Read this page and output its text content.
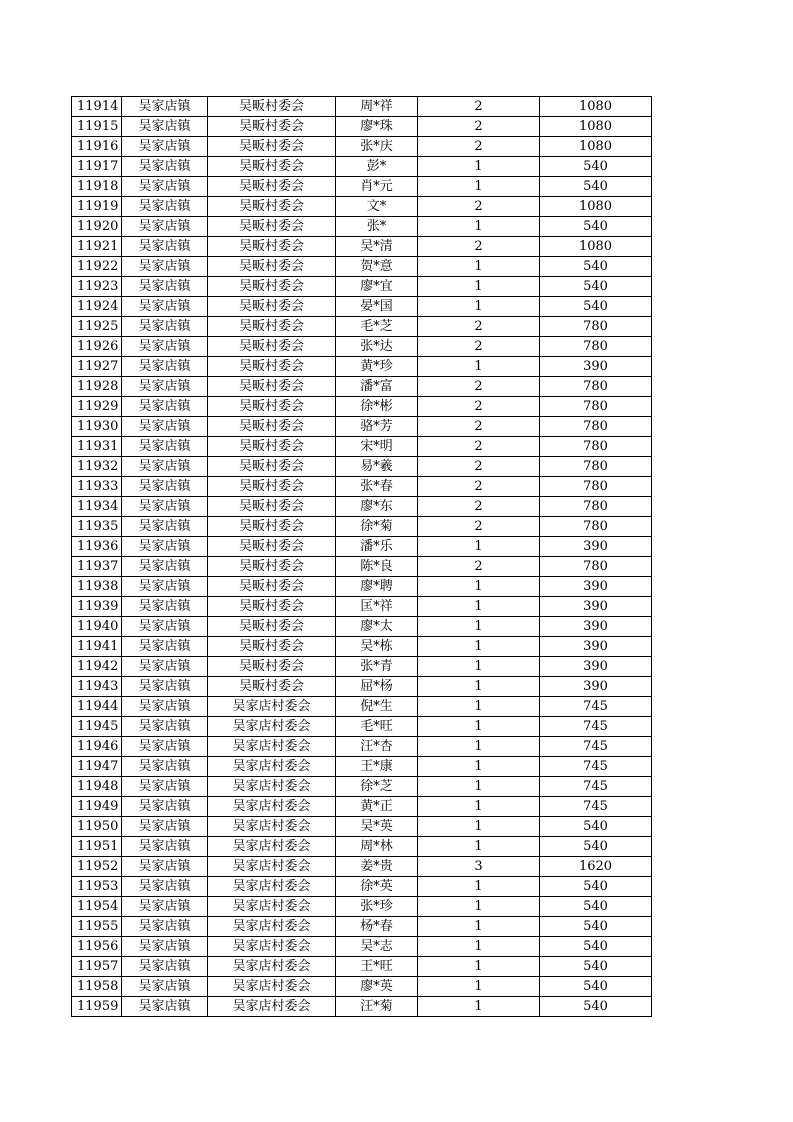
11914	吴家店镇	吴畈村委会	周*祥	2	1080
11915	吴家店镇	吴畈村委会	廖*珠	2	1080
11916	吴家店镇	吴畈村委会	张*庆	2	1080
11917	吴家店镇	吴畈村委会	彭*	1	540
11918	吴家店镇	吴畈村委会	肖*元	1	540
11919	吴家店镇	吴畈村委会	文*	2	1080
11920	吴家店镇	吴畈村委会	张*	1	540
11921	吴家店镇	吴畈村委会	吴*清	2	1080
11922	吴家店镇	吴畈村委会	贺*意	1	540
11923	吴家店镇	吴畈村委会	廖*宜	1	540
11924	吴家店镇	吴畈村委会	晏*国	1	540
11925	吴家店镇	吴畈村委会	毛*芝	2	780
11926	吴家店镇	吴畈村委会	张*达	2	780
11927	吴家店镇	吴畈村委会	黄*珍	1	390
11928	吴家店镇	吴畈村委会	潘*富	2	780
11929	吴家店镇	吴畈村委会	徐*彬	2	780
11930	吴家店镇	吴畈村委会	骆*芳	2	780
11931	吴家店镇	吴畈村委会	宋*明	2	780
11932	吴家店镇	吴畈村委会	易*羲	2	780
11933	吴家店镇	吴畈村委会	张*春	2	780
11934	吴家店镇	吴畈村委会	廖*东	2	780
11935	吴家店镇	吴畈村委会	徐*菊	2	780
11936	吴家店镇	吴畈村委会	潘*乐	1	390
11937	吴家店镇	吴畈村委会	陈*良	2	780
11938	吴家店镇	吴畈村委会	廖*聘	1	390
11939	吴家店镇	吴畈村委会	匡*祥	1	390
11940	吴家店镇	吴畈村委会	廖*太	1	390
11941	吴家店镇	吴畈村委会	吴*栋	1	390
11942	吴家店镇	吴畈村委会	张*青	1	390
11943	吴家店镇	吴畈村委会	屈*杨	1	390
11944	吴家店镇	吴家店村委会	倪*生	1	745
11945	吴家店镇	吴家店村委会	毛*旺	1	745
11946	吴家店镇	吴家店村委会	汪*杏	1	745
11947	吴家店镇	吴家店村委会	王*康	1	745
11948	吴家店镇	吴家店村委会	徐*芝	1	745
11949	吴家店镇	吴家店村委会	黄*正	1	745
11950	吴家店镇	吴家店村委会	吴*英	1	540
11951	吴家店镇	吴家店村委会	周*林	1	540
11952	吴家店镇	吴家店村委会	姜*贵	3	1620
11953	吴家店镇	吴家店村委会	徐*英	1	540
11954	吴家店镇	吴家店村委会	张*珍	1	540
11955	吴家店镇	吴家店村委会	杨*春	1	540
11956	吴家店镇	吴家店村委会	吴*志	1	540
11957	吴家店镇	吴家店村委会	王*旺	1	540
11958	吴家店镇	吴家店村委会	廖*英	1	540
11959	吴家店镇	吴家店村委会	汪*菊	1	540
